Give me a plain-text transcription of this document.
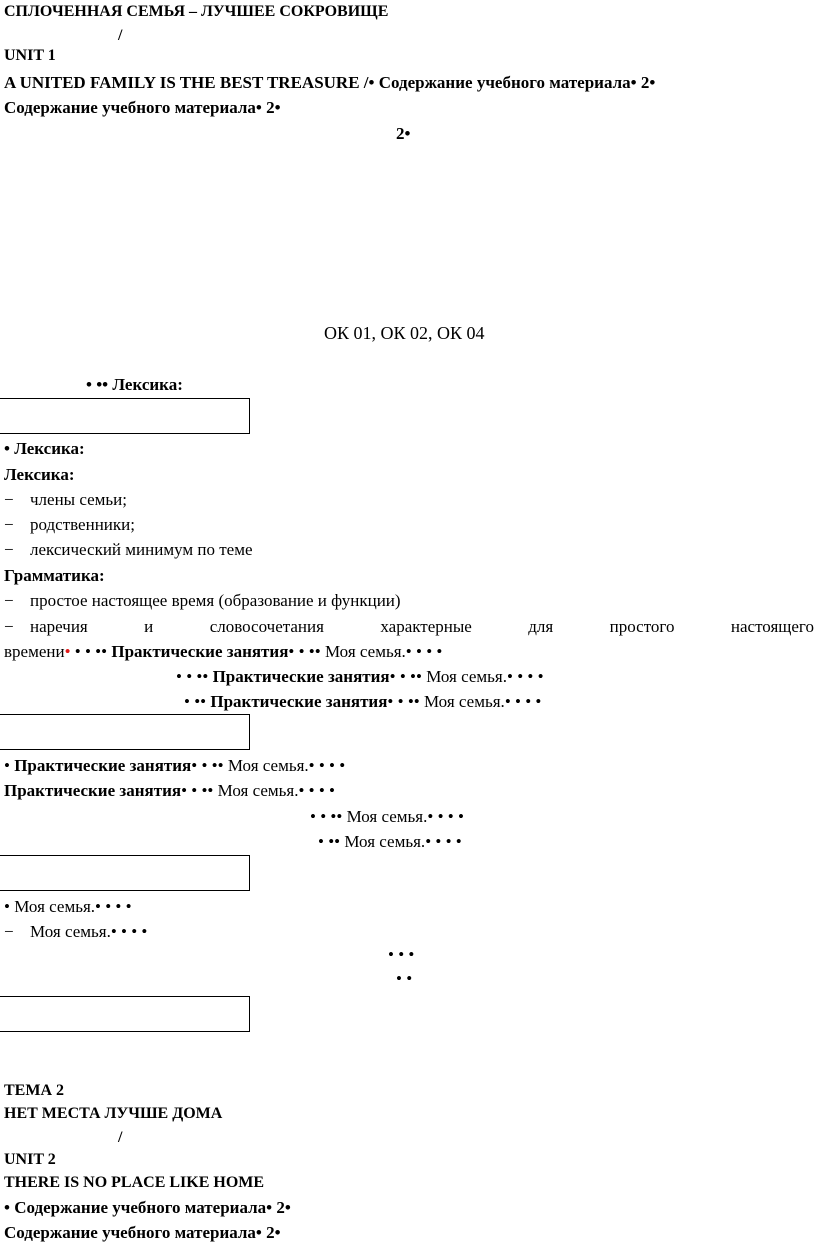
СПЛОЧЕННАЯ СЕМЬЯ – ЛУЧШЕЕ СОКРОВИЩЕ
/
UNIT 1
A UNITED FAMILY IS THE BEST TREASURE /• Содержание учебного материала• 2•
Содержание учебного материала• 2•
2•
ОК 01, ОК 02, ОК 04
• •• Лексика:
• Лексика:
Лексика:
− члены семьи;
− родственники;
− лексический минимум по теме
Грамматика:
− простое настоящее время (образование и функции)
− наречия	и	словосочетания	характерные	для	простого	настоящего
времени• • • •• Практические занятия• • •• Моя семья.• • • •
• • •• Практические занятия• • •• Моя семья.• • • •
• •• Практические занятия• • •• Моя семья.• • • •
• Практические занятия• • •• Моя семья.• • • •
Практические занятия• • •• Моя семья.• • • •
• • •• Моя семья.• • • •
• •• Моя семья.• • • •
• Моя семья.• • • •
− Моя семья.• • • •
• • •
• •
ТЕМА 2
НЕТ МЕСТА ЛУЧШЕ ДОМА
/
UNIT 2
THERE IS NO PLACE LIKE HOME
• Содержание учебного материала• 2•
Содержание учебного материала• 2•
